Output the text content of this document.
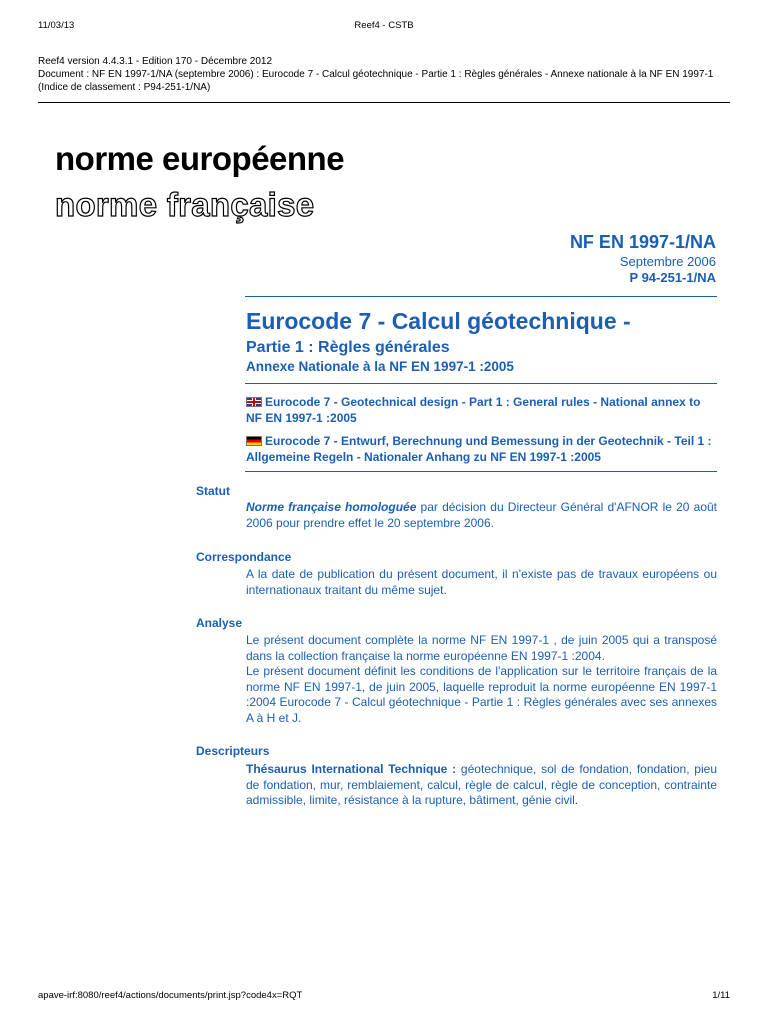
11/03/13	Reef4 - CSTB
Reef4 version 4.4.3.1 - Edition 170 - Décembre 2012
Document : NF EN 1997-1/NA (septembre 2006) : Eurocode 7 - Calcul géotechnique - Partie 1 : Règles générales - Annexe nationale à la NF EN 1997-1 (Indice de classement : P94-251-1/NA)
norme européenne
norme française
NF EN 1997-1/NA
Septembre 2006
P 94-251-1/NA
Eurocode 7 - Calcul géotechnique -
Partie 1 : Règles générales
Annexe Nationale à la NF EN 1997-1 :2005
Eurocode 7 - Geotechnical design - Part 1 : General rules - National annex to NF EN 1997-1 :2005
Eurocode 7 - Entwurf, Berechnung und Bemessung in der Geotechnik - Teil 1 : Allgemeine Regeln - Nationaler Anhang zu NF EN 1997-1 :2005
Statut
Norme française homologuée par décision du Directeur Général d'AFNOR le 20 août 2006 pour prendre effet le 20 septembre 2006.
Correspondance
A la date de publication du présent document, il n'existe pas de travaux européens ou internationaux traitant du même sujet.
Analyse

Le présent document complète la norme NF EN 1997-1 , de juin 2005 qui a transposé dans la collection française la norme européenne EN 1997-1 :2004.

Le présent document définit les conditions de l'application sur le territoire français de la norme NF EN 1997-1, de juin 2005, laquelle reproduit la norme européenne EN 1997-1 :2004 Eurocode 7 - Calcul géotechnique - Partie 1 : Règles générales avec ses annexes A à H et J.

Descripteurs
Thésaurus International Technique : géotechnique, sol de fondation, fondation, pieu de fondation, mur, remblaiement, calcul, règle de calcul, règle de conception, contrainte admissible, limite, résistance à la rupture, bâtiment, génie civil.
apave-irf:8080/reef4/actions/documents/print.jsp?code4x=RQT	1/11
